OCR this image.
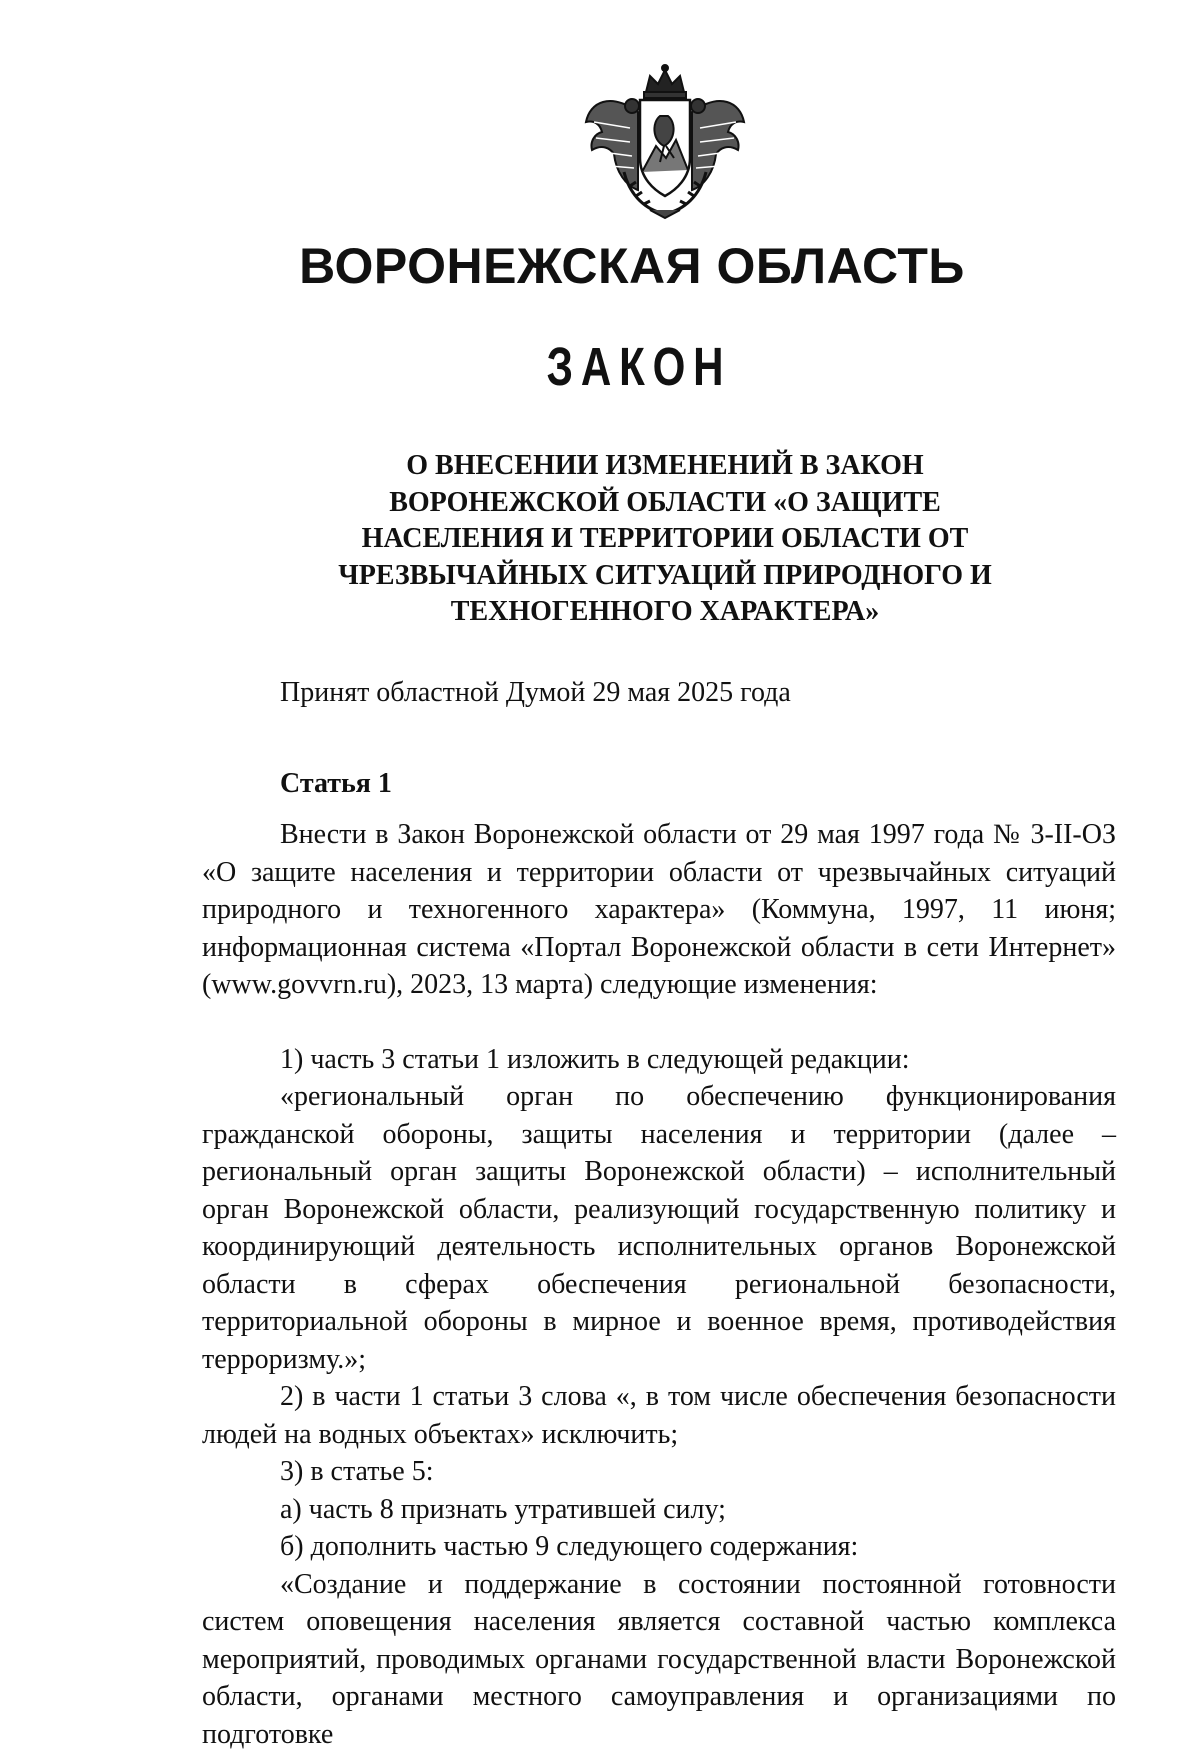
ВОРОНЕЖСКАЯ ОБЛАСТЬ
ЗАКОН
О ВНЕСЕНИИ ИЗМЕНЕНИЙ В ЗАКОН
ВОРОНЕЖСКОЙ ОБЛАСТИ «О ЗАЩИТЕ
НАСЕЛЕНИЯ И ТЕРРИТОРИИ ОБЛАСТИ ОТ
ЧРЕЗВЫЧАЙНЫХ СИТУАЦИЙ ПРИРОДНОГО И
ТЕХНОГЕННОГО ХАРАКТЕРА»
Принят областной Думой 29 мая 2025 года
Статья 1

Внести в Закон Воронежской области от 29 мая 1997 года № 3-II-ОЗ «О защите населения и территории области от чрезвычайных ситуаций природного и техногенного характера» (Коммуна, 1997, 11 июня; информационная система «Портал Воронежской области в сети Интернет» (www.govvrn.ru), 2023, 13 марта) следующие изменения:

1) часть 3 статьи 1 изложить в следующей редакции:

«региональный орган по обеспечению функционирования гражданской обороны, защиты населения и территории (далее – региональный орган защиты Воронежской области) – исполнительный орган Воронежской области, реализующий государственную политику и координирующий деятельность исполнительных органов Воронежской области в сферах обеспечения региональной безопасности, территориальной обороны в мирное и военное время, противодействия терроризму.»;

2) в части 1 статьи 3 слова «, в том числе обеспечения безопасности людей на водных объектах» исключить;

3) в статье 5:

а) часть 8 признать утратившей силу;

б) дополнить частью 9 следующего содержания:

«Создание и поддержание в состоянии постоянной готовности систем оповещения населения является составной частью комплекса мероприятий, проводимых органами государственной власти Воронежской области, органами местного самоуправления и организациями по подготовке
